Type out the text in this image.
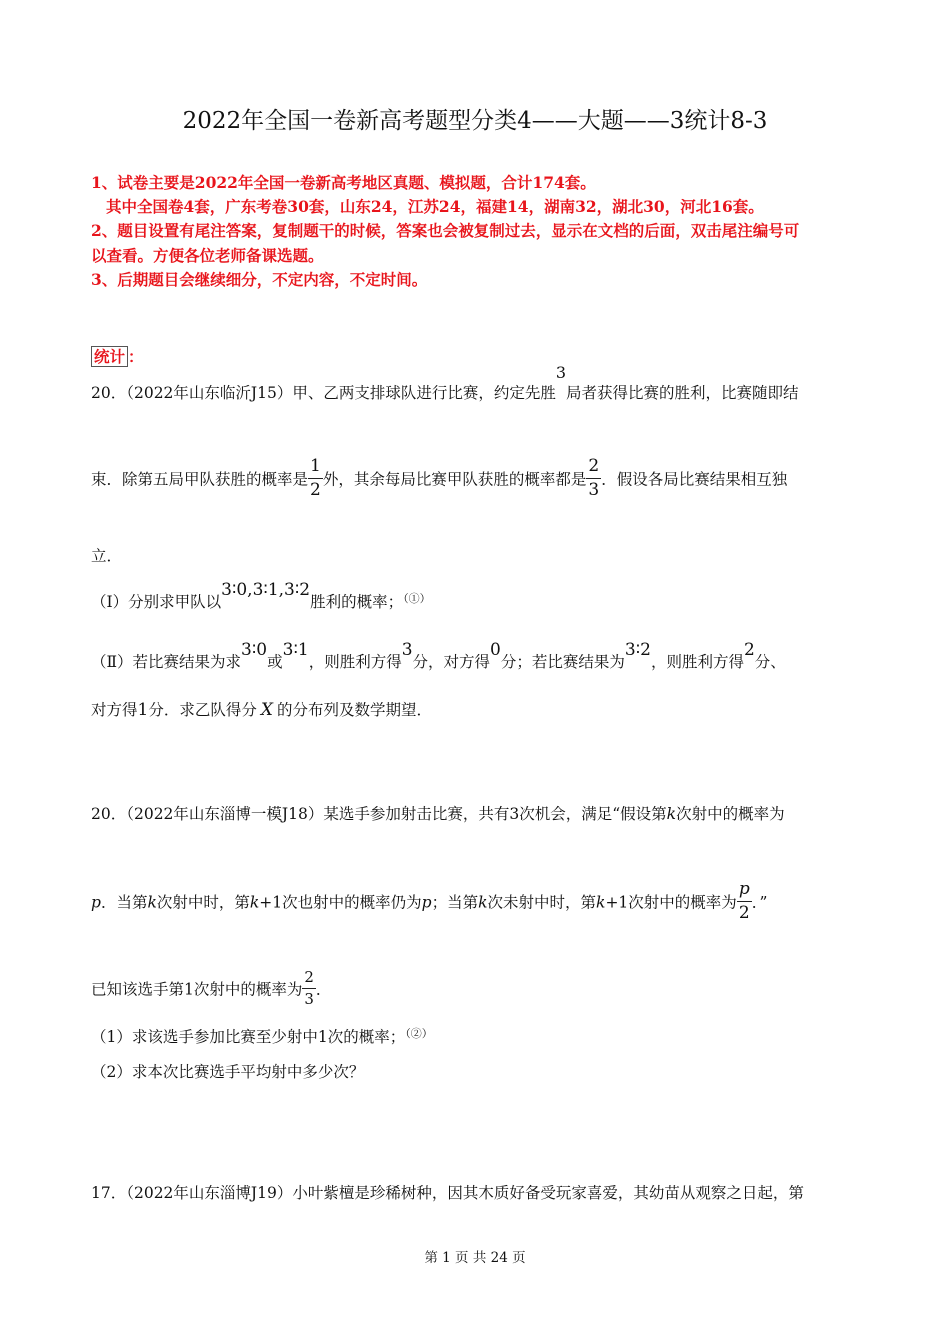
2022年全国一卷新高考题型分类4——大题——3统计8-3
1、试卷主要是2022年全国一卷新高考地区真题、模拟题，合计174套。
其中全国卷4套，广东考卷30套，山东24，江苏24，福建14，湖南32，湖北30，河北16套。
2、题目设置有尾注答案，复制题干的时候，答案也会被复制过去，显示在文档的后面，双击尾注编号可
以查看。方便各位老师备课选题。
3、后期题目会继续细分，不定内容，不定时间。
统计 ：
20．（2022年山东临沂J15）甲、乙两支排球队进行比赛，约定先胜3局者获得比赛的胜利，比赛随即结
束．除第五局甲队获胜的概率是 $\frac{1}{2}$ 外，其余每局比赛甲队获胜的概率都是 $\frac{2}{3}$ ．假设各局比赛结果相互独
立．
（Ⅰ）分别求甲队以3∶0,3∶1,3∶2胜利的概率；（①）
（Ⅱ）若比赛结果为求3∶0或3∶1，则胜利方得3分，对方得0分；若比赛结果为3∶2，则胜利方得2分、
对方得1分．求乙队得分 X 的分布列及数学期望．
20．（2022年山东淄博一模J18）某选手参加射击比赛，共有3次机会，满足“假设第k次射中的概率为
p．当第k次射中时，第k+1次也射中的概率仍为p；当第k次未射中时，第k+1次射中的概率为 $\frac{p}{2}$ ．”
已知该选手第1次射中的概率为 $\frac{2}{3}$ ．
（1）求该选手参加比赛至少射中1次的概率；（②）
（2）求本次比赛选手平均射中多少次？
17．（2022年山东淄博J19）小叶紫檀是珍稀树种，因其木质好备受玩家喜爱，其幼苗从观察之日起，第
第 1 页 共 24 页
